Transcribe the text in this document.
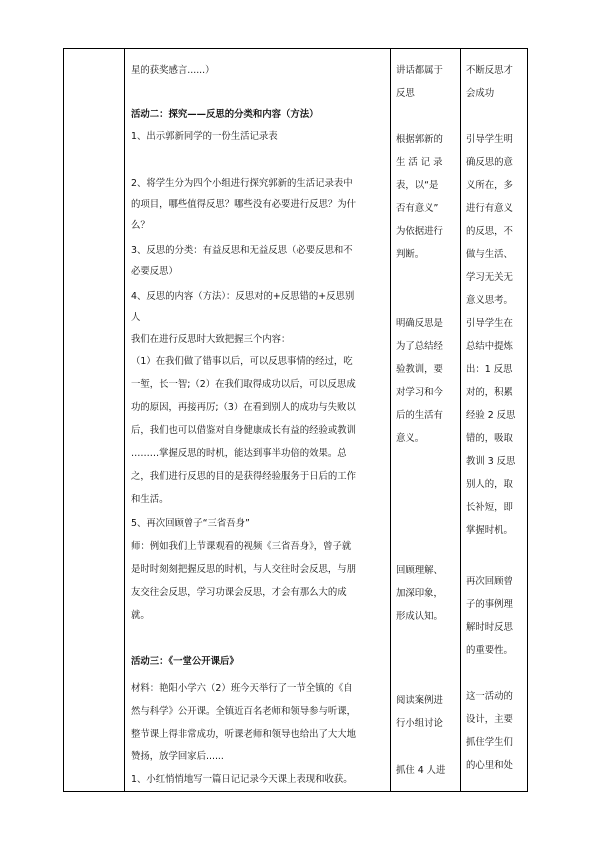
星的获奖感言......）
活动二：探究——反思的分类和内容（方法）
1、出示郭新同学的一份生活记录表
2、将学生分为四个小组进行探究郭新的生活记录表中
的项目，哪些值得反思？哪些没有必要进行反思？为什
么？
3、反思的分类：有益反思和无益反思（必要反思和不
必要反思）
4、反思的内容（方法）：反思对的+反思错的+反思别
人
我们在进行反思时大致把握三个内容：
（1）在我们做了错事以后，可以反思事情的经过，吃
一堑，长一智;（2）在我们取得成功以后，可以反思成
功的原因，再接再厉;（3）在看到别人的成功与失败以
后，我们也可以借鉴对自身健康成长有益的经验或教训
………掌握反思的时机，能达到事半功倍的效果。总
之，我们进行反思的目的是获得经验服务于日后的工作
和生活。
5、再次回顾曾子“三省吾身”
师：例如我们上节课观看的视频《三省吾身》，曾子就
是时时刻刻把握反思的时机，与人交往时会反思，与朋
友交往会反思，学习功课会反思，才会有那么大的成
就。
活动三：《一堂公开课后》
材料：艳阳小学六（2）班今天举行了一节全镇的《自
然与科学》公开课。全镇近百名老师和领导参与听课，
整节课上得非常成功，听课老师和领导也给出了大大地
赞扬，放学回家后......
1、小红悄悄地写一篇日记记录今天课上表现和收获。
讲话都属于
反思
根据郭新的
生 活 记 录
表，以“是
否有意义”
为依据进行
判断。
明确反思是
为了总结经
验教训，要
对学习和今
后的生活有
意义。
回顾理解、
加深印象，
形成认知。
阅读案例进
行小组讨论
抓住 4 人进
不断反思才
会成功
引导学生明
确反思的意
义所在，多
进行有意义
的反思，不
做与生活、
学习无关无
意义思考。
引导学生在
总结中提炼
出：1 反思
对的，积累
经验 2 反思
错的，吸取
教训 3 反思
别人的，取
长补短，即
掌握时机。
再次回顾曾
子的事例理
解时时反思
的重要性。
这一活动的
设计，主要
抓住学生们
的心里和处
